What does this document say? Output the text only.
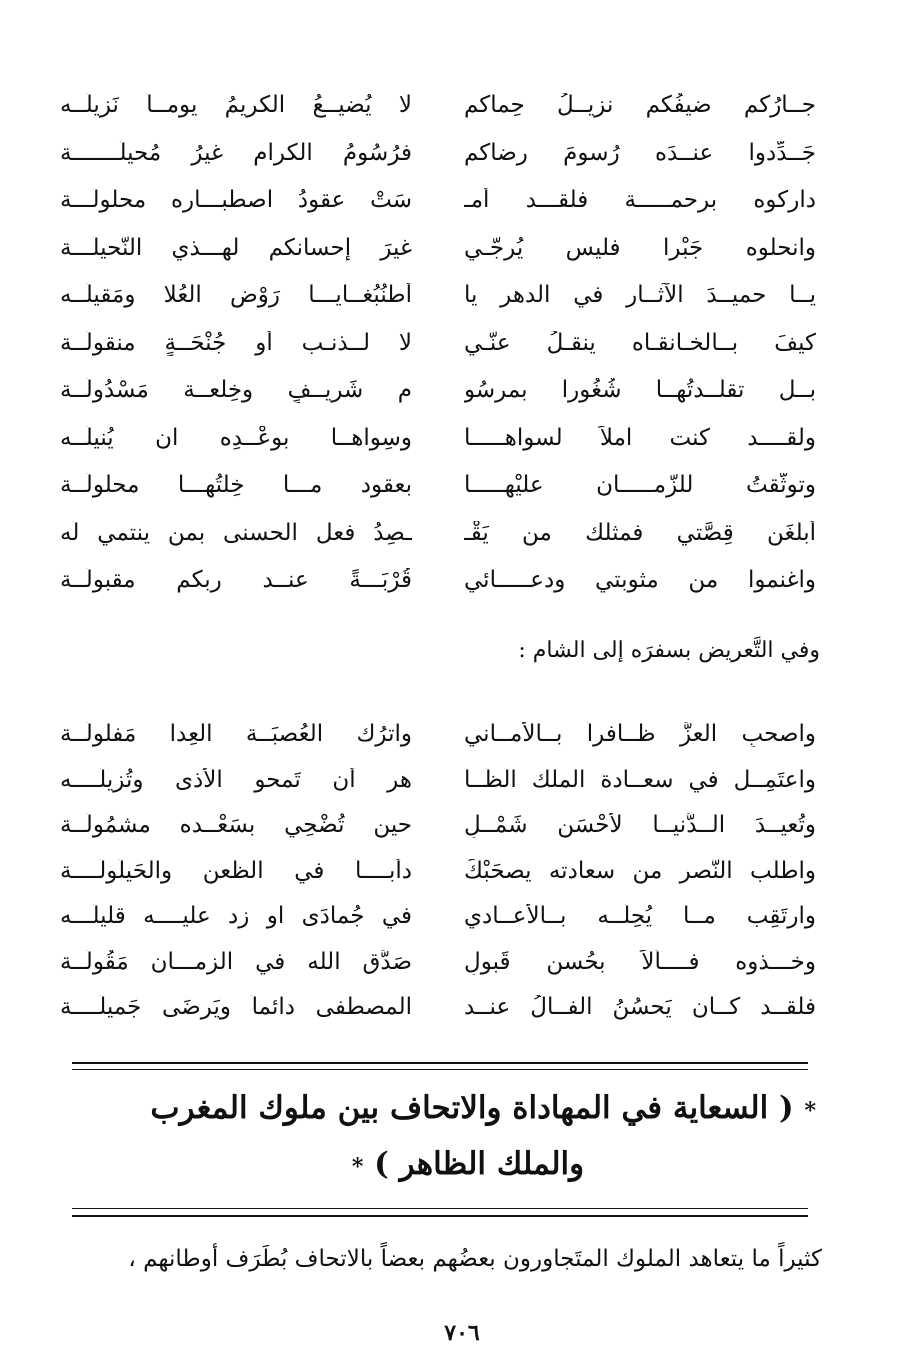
جــارُكم ضيفُكم نزيــلُ حِماكم
لا يُضيــعُ الكريمُ يومــاً نَزيلَــه
جَــدِّدوا عنــدَه رُسومَ رضاكم
فرُسُومُ الكرام غيرُ مُحيلَـــــــة
داركوه برحمـــــة فلقـــد أَمـ
سَتْ عقودُ اصطبـــاره محلولَـــة
وانحلوه جَبْرا فليس يُرجّـي
غيرَ إحسانكم لهـــذي النَّحيلَـــة
يــا حميــدَ الآثــار في الدهر يا
أَطنُبُغــايـــا رَوْض العُلا ومَقيلَــه
كيفَ بــالخـانقـاه ينقـلُ عنّـي
لا لــذنـب أو جُنْحَــةٍ منقولَــة
بــل تقلَّــدتُهــا شُغُوراً بمرسُو
مِ شَريــفٍ وخِلعــة مَسْدُولَــة
ولقــــد كنت آملاً لسواهـــــا
وسِواهــا بوعْــدِه ان يُنيلَــه
وتوثّقتُ للزّمـــــان عليْهـــــا
بعقود مـــا خِلتُهـــا محلولَــة
أَبلغَن قِصَّتي فمثلُك من يَقْـ
ـصِدُ فعل الحسنى بمن ينتمي لَه
واغنموا من مثوبتي ودعـــــائي
قُرْبَـــةً عنــد ربكم مقبولَــة
وفي التَّعريض بسفرَه إلى الشام :
واصحبِ العزَّ ظــافراً بــالأمــاني
واترُك العُصبَــة العِدا مَفلولَــة
واعتَمِــل في سعــادة الملك الظَّــا
هر أَن تَمحو الأذى وتُزيلَــــه
وتُعيــدَ الــدُّنيــا لأحْسَنِ شَمْــلٍ
حين تُضْحِي بسَعْــده مشمُولَــة
واطلُب النَّصر من سعادته يصحَبْكَ
دأبــــاً في الظعن والحَيلُولَــــة
وارتَقِب مــا يُحِلُّــه بــالأعــادي
في جُمادَى او زد عليــــه قليلَـــه
وخـــذوه فــــألاً بحُسن قَبولٍ
صَدَّق الله في الزمـــان مَقُولَــة
فلقــد كــان يَحسُنُ الفــالُ عنــد
المصطفى دائماً ويَرضَى جَميلَــــة
* ( السعاية في المهاداة والاتحاف بين ملوك المغرب
والملك الظاهر ) *
كثيراً ما يتعاهد الملوك المتَجاورون بعضُهم بعضاً بالاتحاف بُطَرَف أوطانهم ،
٧٠٦
